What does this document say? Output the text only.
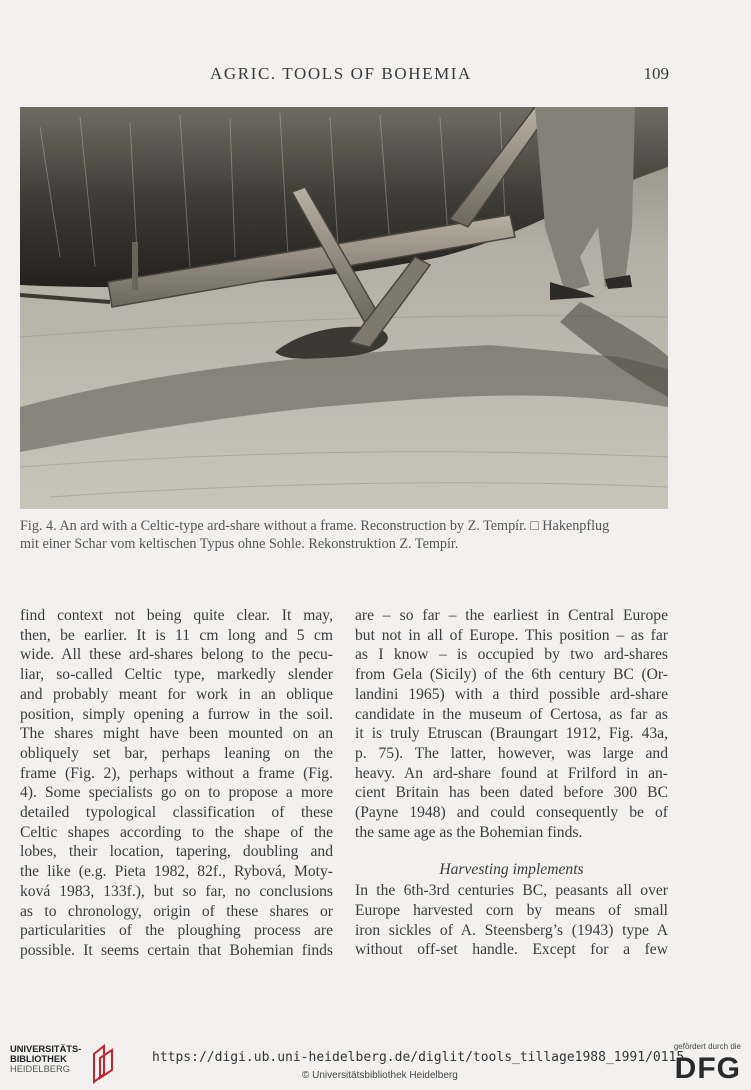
AGRIC. TOOLS OF BOHEMIA	109
Fig. 4. An ard with a Celtic-type ard-share without a frame. Reconstruction by Z. Tempír. □ Hakenpflug
mit einer Schar vom keltischen Typus ohne Sohle. Rekonstruktion Z. Tempír.
find context not being quite clear. It may,
then, be earlier. It is 11 cm long and 5 cm
wide. All these ard-shares belong to the pecu-
liar, so-called Celtic type, markedly slender
and probably meant for work in an oblique
position, simply opening a furrow in the soil.
The shares might have been mounted on an
obliquely set bar, perhaps leaning on the
frame (Fig. 2), perhaps without a frame (Fig.
4). Some specialists go on to propose a more
detailed typological classification of these
Celtic shapes according to the shape of the
lobes, their location, tapering, doubling and
the like (e.g. Pieta 1982, 82f., Rybová, Moty-
ková 1983, 133f.), but so far, no conclusions
as to chronology, origin of these shares or
particularities of the ploughing process are
possible. It seems certain that Bohemian finds
are – so far – the earliest in Central Europe
but not in all of Europe. This position – as far
as I know – is occupied by two ard-shares
from Gela (Sicily) of the 6th century BC (Or-
landini 1965) with a third possible ard-share
candidate in the museum of Certosa, as far as
it is truly Etruscan (Braungart 1912, Fig. 43a,
p. 75). The latter, however, was large and
heavy. An ard-share found at Frilford in an-
cient Britain has been dated before 300 BC
(Payne 1948) and could consequently be of
the same age as the Bohemian finds.
Harvesting implements
In the 6th-3rd centuries BC, peasants all over
Europe harvested corn by means of small
iron sickles of A. Steensberg’s (1943) type A
without off-set handle. Except for a few
UNIVERSITÄTS-
BIBLIOTHEK
HEIDELBERG
https://digi.ub.uni-heidelberg.de/diglit/tools_tillage1988_1991/0115
© Universitätsbibliothek Heidelberg
gefördert durch die
DFG
